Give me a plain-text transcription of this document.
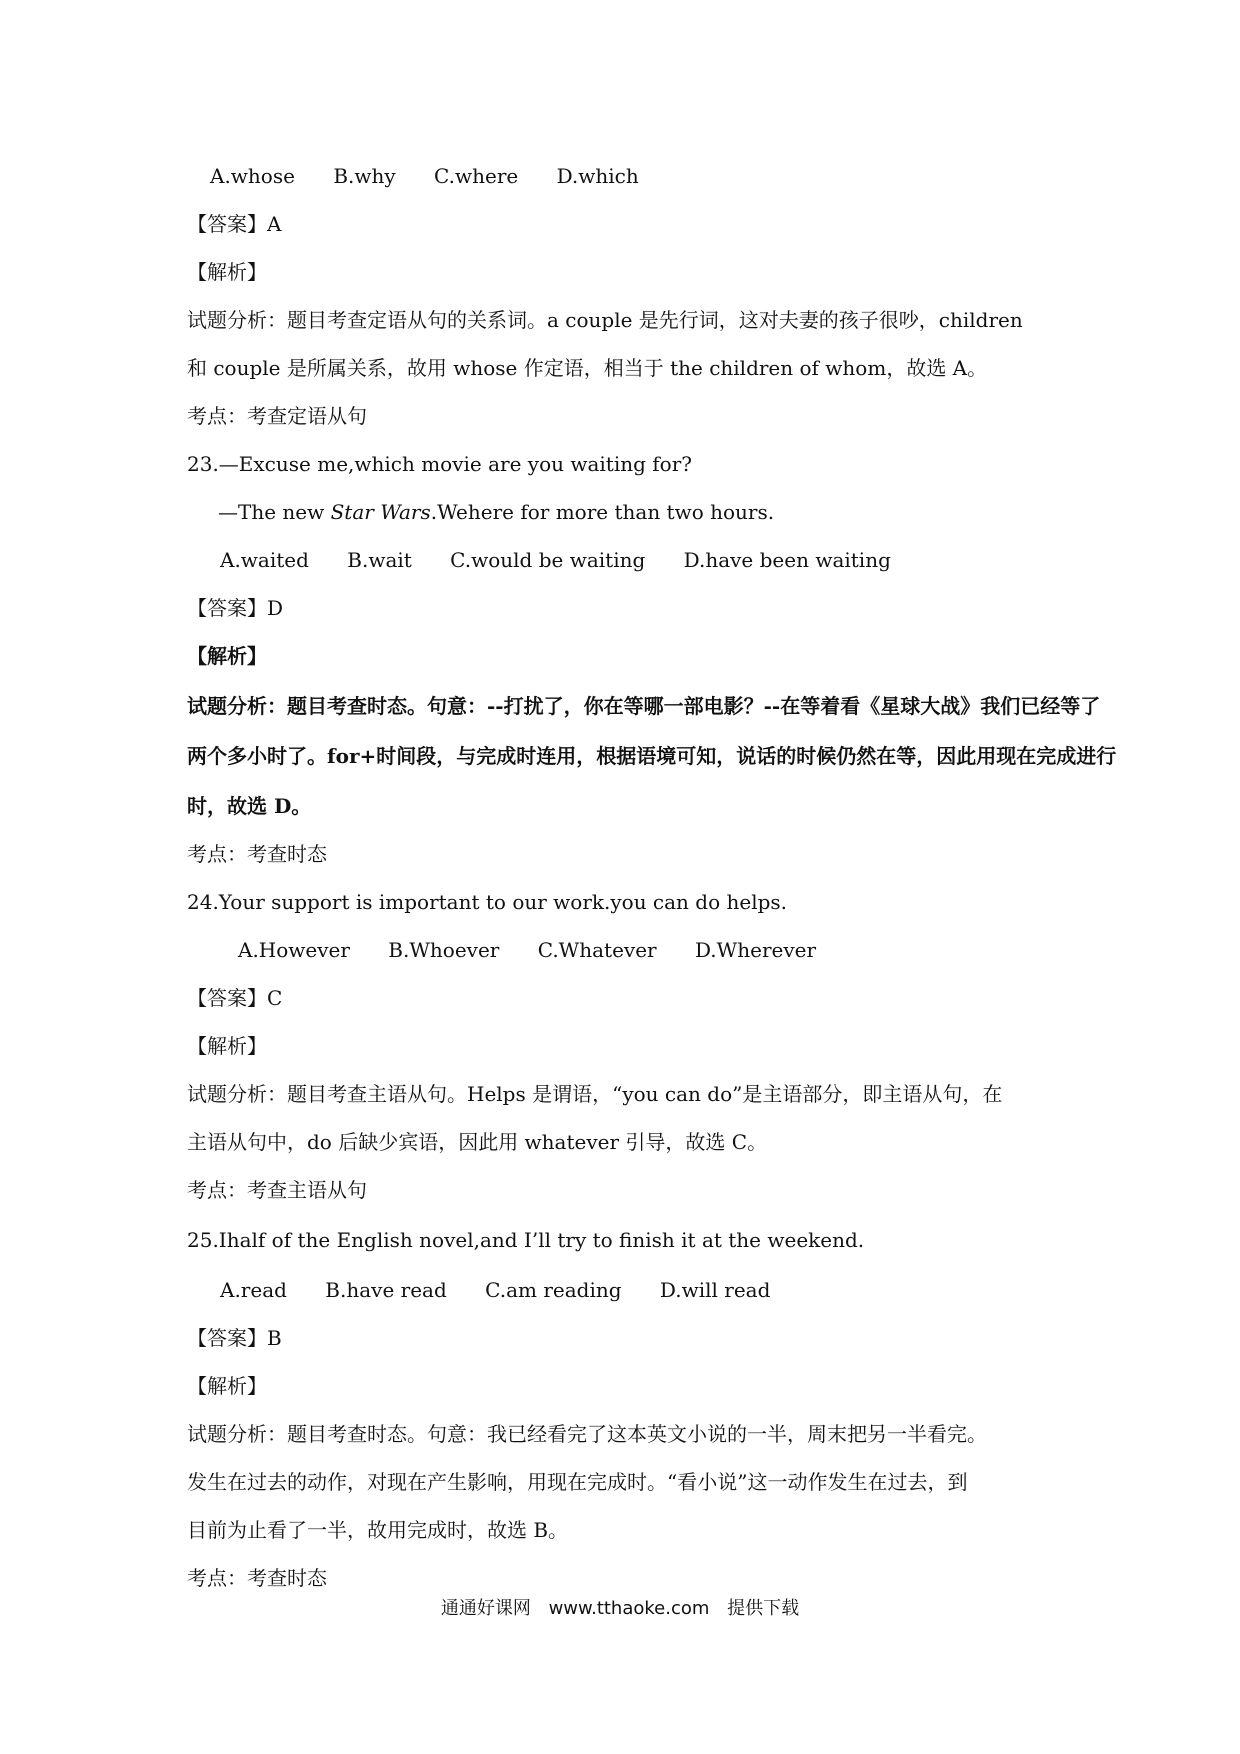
A.whose B.why C.where D.which
【答案】A
【解析】
试题分析：题目考查定语从句的关系词。a couple 是先行词，这对夫妻的孩子很吵，children
和 couple 是所属关系，故用 whose 作定语，相当于 the children of whom，故选 A。
考点：考查定语从句
23.—Excuse me,which movie are you waiting for?
—The new Star Wars.Wehere for more than two hours.
A.waited B.wait C.would be waiting D.have been waiting
【答案】D
【解析】
试题分析：题目考查时态。句意：--打扰了，你在等哪一部电影？--在等着看《星球大战》我们已经等了
两个多小时了。for+时间段，与完成时连用，根据语境可知，说话的时候仍然在等，因此用现在完成进行
时，故选 D。
考点：考查时态
24.Your support is important to our work.you can do helps.
A.However B.Whoever C.Whatever D.Wherever
【答案】C
【解析】
试题分析：题目考查主语从句。Helps 是谓语，“you can do”是主语部分，即主语从句，在
主语从句中，do 后缺少宾语，因此用 whatever 引导，故选 C。
考点：考查主语从句
25.Ihalf of the English novel,and I’ll try to finish it at the weekend.
A.read B.have read C.am reading D.will read
【答案】B
【解析】
试题分析：题目考查时态。句意：我已经看完了这本英文小说的一半，周末把另一半看完。
发生在过去的动作，对现在产生影响，用现在完成时。“看小说”这一动作发生在过去，到
目前为止看了一半，故用完成时，故选 B。
考点：考查时态
通通好课网 www.tthaoke.com 提供下载
